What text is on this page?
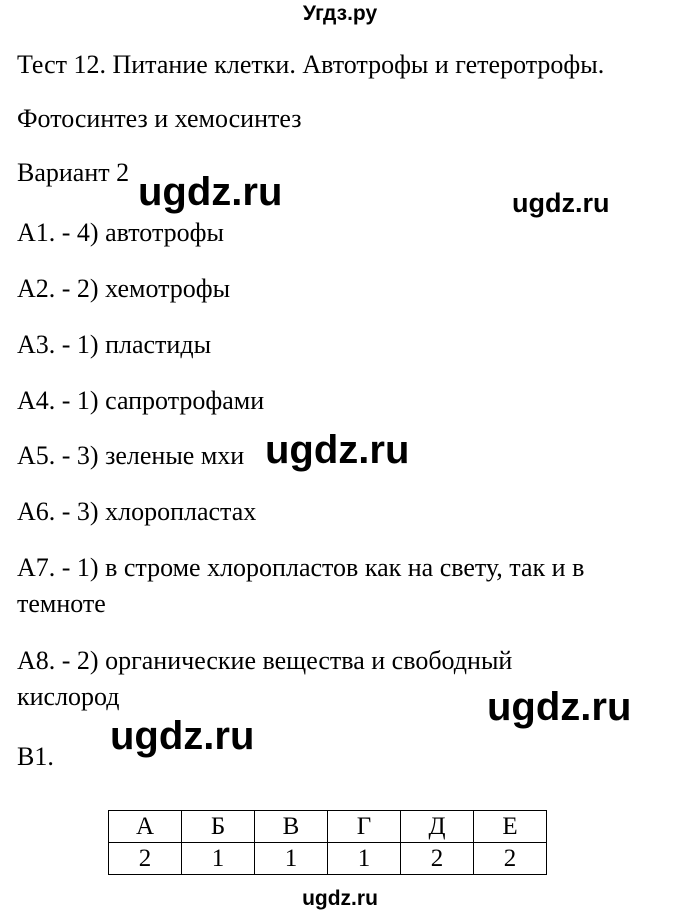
Угдз.ру
Тест 12. Питание клетки. Автотрофы и гетеротрофы.
Фотосинтез и хемосинтез
Вариант 2
А1. - 4) автотрофы
А2. - 2) хемотрофы
А3. - 1) пластиды
А4. - 1) сапротрофами
А5. - 3) зеленые мхи
А6. - 3) хлоропластах
А7. - 1) в строме хлоропластов как на свету, так и в
темноте
А8. - 2) органические вещества и свободный
кислород
В1.
ugdz.ru	ugdz.ru
ugdz.ru
ugdz.ru
ugdz.ru
А	Б	В	Г	Д	Е
2	1	1	1	2	2
ugdz.ru
